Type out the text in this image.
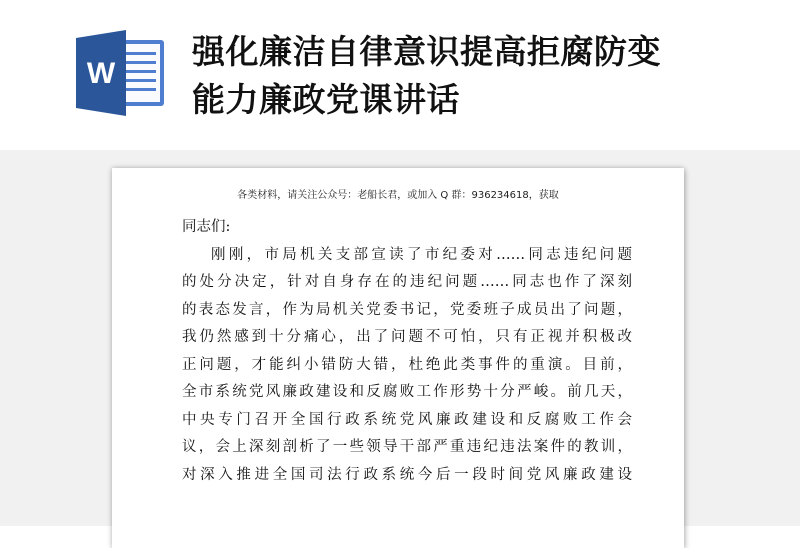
W
强化廉洁自律意识提高拒腐防变
能力廉政党课讲话
各类材料，请关注公众号：老船长君，或加入 Q 群：936234618，获取
同志们:
刚刚，市局机关支部宣读了市纪委对……同志违纪问题
的处分决定，针对自身存在的违纪问题……同志也作了深刻
的表态发言，作为局机关党委书记，党委班子成员出了问题，
我仍然感到十分痛心，出了问题不可怕，只有正视并积极改
正问题，才能纠小错防大错，杜绝此类事件的重演。目前，
全市系统党风廉政建设和反腐败工作形势十分严峻。前几天，
中央专门召开全国行政系统党风廉政建设和反腐败工作会
议，会上深刻剖析了一些领导干部严重违纪违法案件的教训，
对深入推进全国司法行政系统今后一段时间党风廉政建设
